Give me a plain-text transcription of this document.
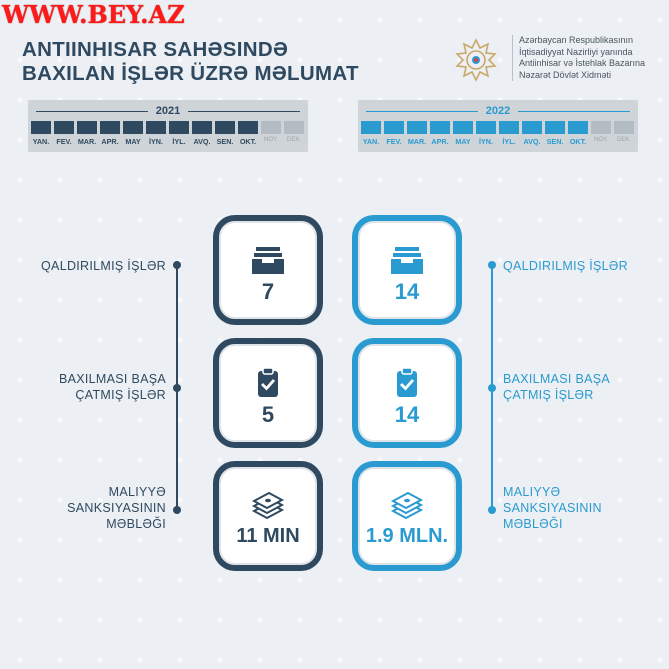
WWW.BEY.AZ
ANTIINHISAR SAHƏSINDƏ
BAXILAN İŞLƏR ÜZRƏ MƏLUMAT
Azərbaycan Respublikasının
İqtisadiyyat Nazirliyi yanında
Antiinhisar və İstehlak Bazarına
Nəzarət Dövlət Xidməti
2021
YAN. FEV. MAR. APR. MAY	İYN.	İYL.	AVQ. SEN. OKT.	NOY.	DEK.
2022
YAN. FEV. MAR. APR. MAY	İYN.	İYL.	AVQ. SEN. OKT.	NOY.	DEK.
QALDIRILMIŞ İŞLƏR
BAXILMASI BAŞA
ÇATMIŞ İŞLƏR
MALIYYƏ
SANKSIYASININ
MƏBLƏĞI
QALDIRILMIŞ İŞLƏR
BAXILMASI BAŞA
ÇATMIŞ İŞLƏR
MALIYYƏ
SANKSIYASININ
MƏBLƏĞI
7
5
11 MIN
14
14
1.9 MLN.
